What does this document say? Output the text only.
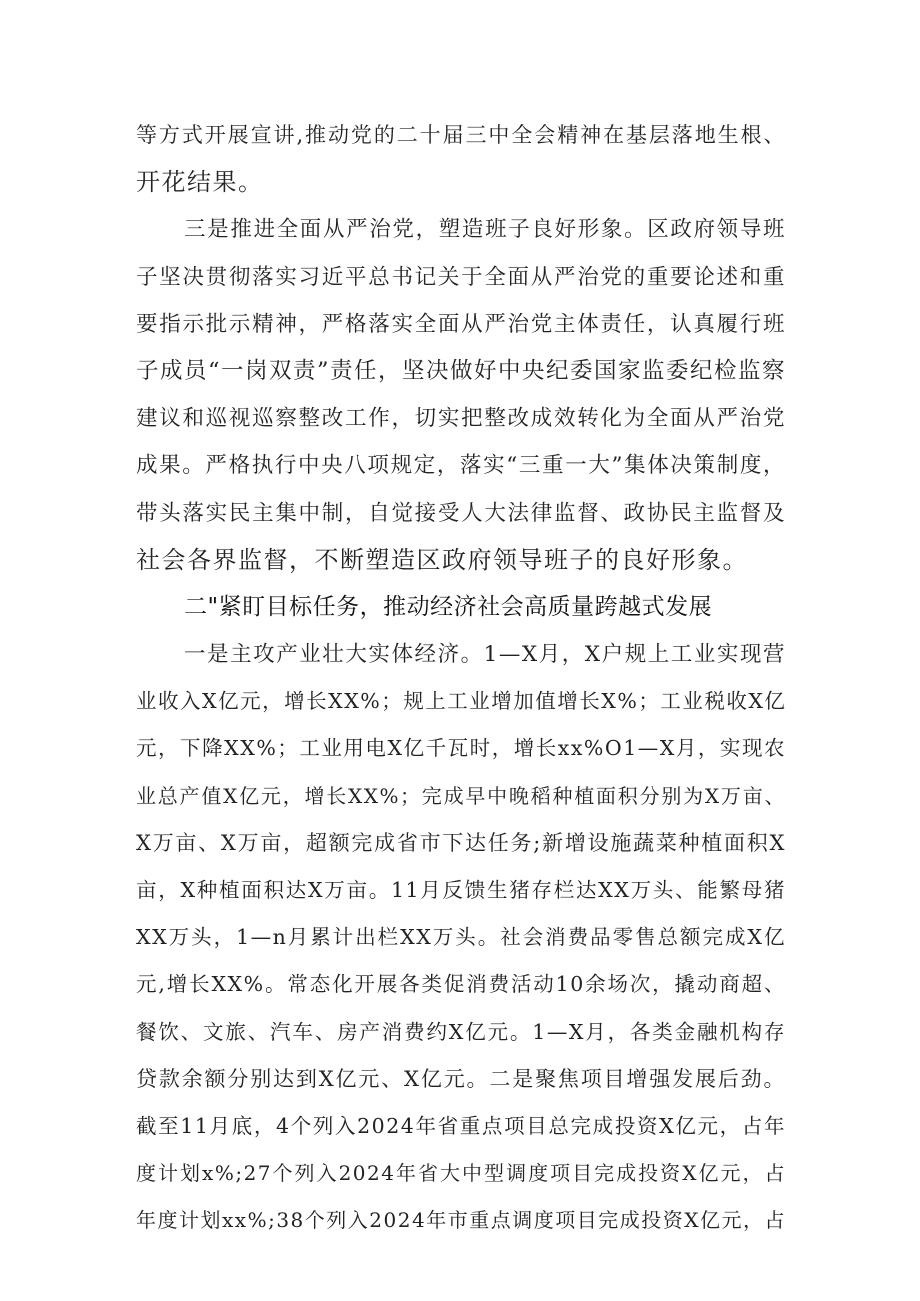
等方式开展宣讲,推动党的二十届三中全会精神在基层落地生根、
开花结果。
三是推进全面从严治党，塑造班子良好形象。区政府领导班
子坚决贯彻落实习近平总书记关于全面从严治党的重要论述和重
要指示批示精神，严格落实全面从严治党主体责任，认真履行班
子成员“一岗双责”责任，坚决做好中央纪委国家监委纪检监察
建议和巡视巡察整改工作，切实把整改成效转化为全面从严治党
成果。严格执行中央八项规定，落实“三重一大”集体决策制度，
带头落实民主集中制，自觉接受人大法律监督、政协民主监督及
社会各界监督，不断塑造区政府领导班子的良好形象。
二"紧盯目标任务，推动经济社会高质量跨越式发展
一是主攻产业壮大实体经济。1—X月，X户规上工业实现营
业收入X亿元，增长XX%；规上工业增加值增长X%；工业税收X亿
元，下降XX%；工业用电X亿千瓦时，增长xx%O1—X月，实现农
业总产值X亿元，增长XX%；完成早中晚稻种植面积分别为X万亩、
X万亩、X万亩，超额完成省市下达任务;新增设施蔬菜种植面积X
亩，X种植面积达X万亩。11月反馈生猪存栏达XX万头、能繁母猪
XX万头，1—n月累计出栏XX万头。社会消费品零售总额完成X亿
元,增长XX%。常态化开展各类促消费活动10余场次，撬动商超、
餐饮、文旅、汽车、房产消费约X亿元。1—X月，各类金融机构存
贷款余额分别达到X亿元、X亿元。二是聚焦项目增强发展后劲。
截至11月底，4个列入2024年省重点项目总完成投资X亿元，占年
度计划x%;27个列入2024年省大中型调度项目完成投资X亿元，占
年度计划xx%;38个列入2024年市重点调度项目完成投资X亿元，占
